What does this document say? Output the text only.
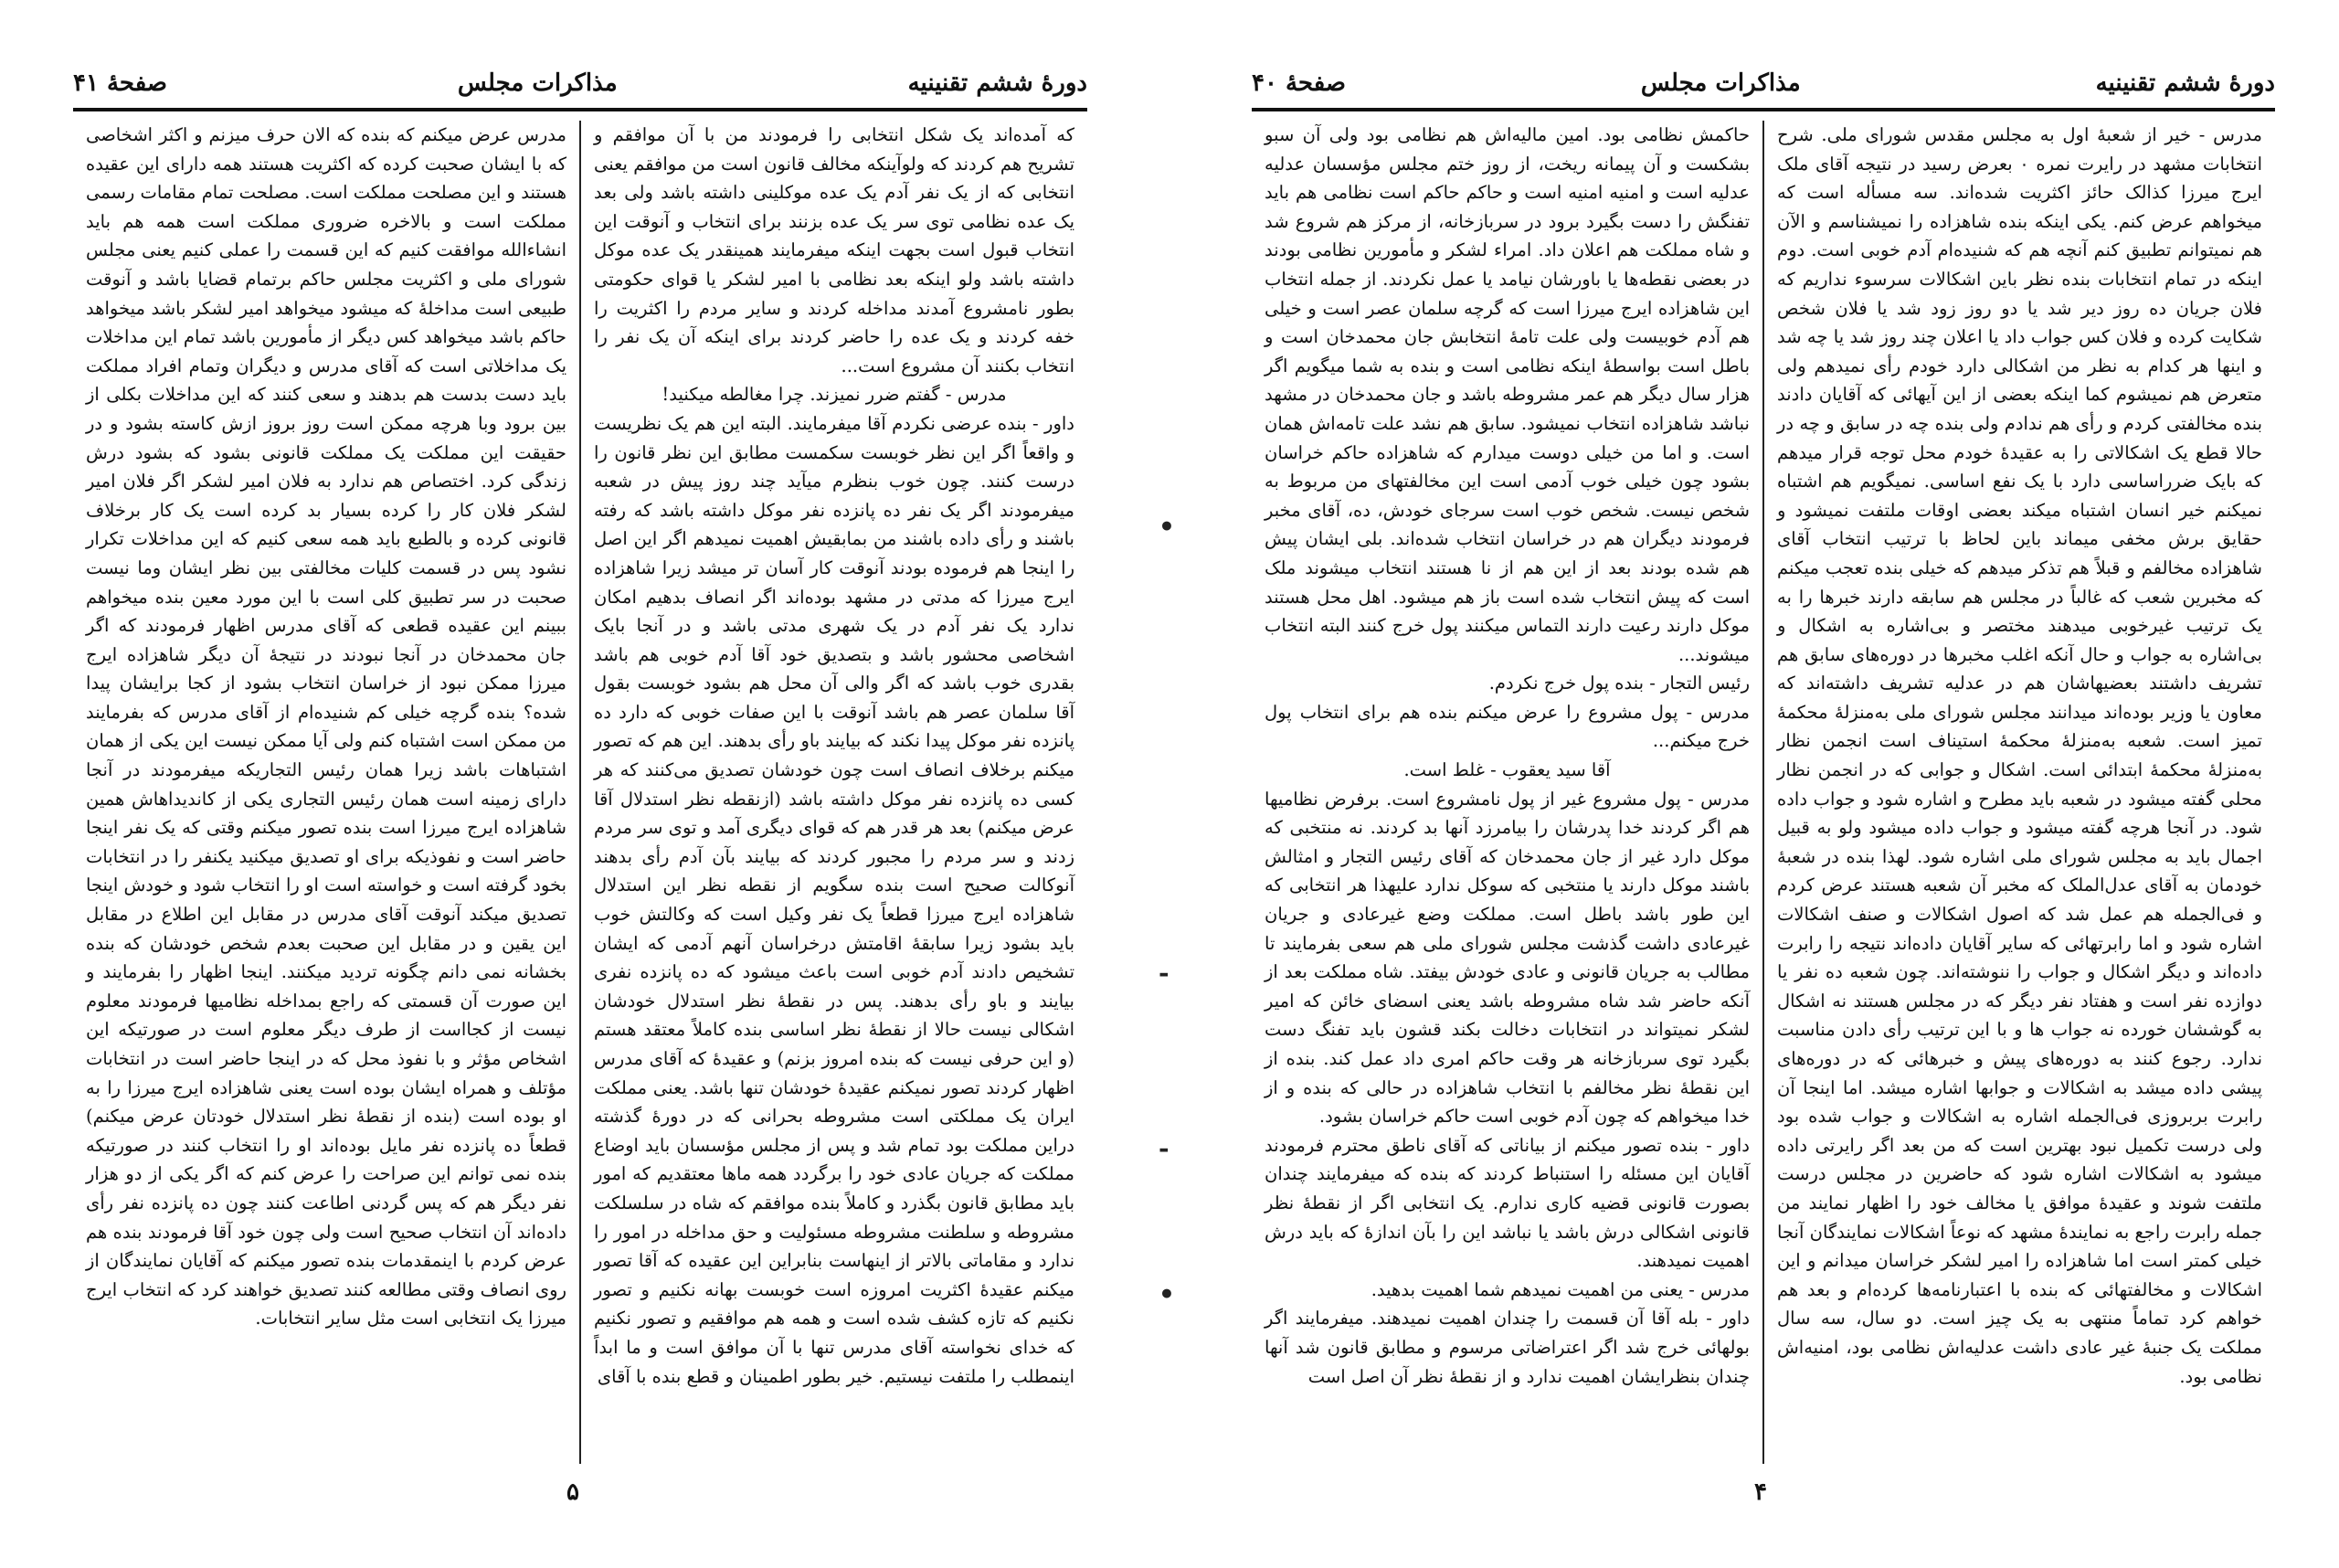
دورهٔ ششم تقنینیه
مذاکرات مجلس
صفحهٔ ۴۱

که آمده‌اند یک شکل انتخابی را فرمودند من با آن موافقم و تشریح هم کردند که ولوآینکه مخالف قانون است من موافقم یعنی انتخابی که از یک نفر آدم یک عده موکلینی داشته باشد ولی بعد یک عده نظامی توی سر یک عده بزنند برای انتخاب و آنوقت این انتخاب قبول است بجهت اینکه میفرمایند همینقدر یک عده موکل داشته باشد ولو اینکه بعد نظامی با امیر لشکر یا قوای حکومتی بطور نامشروع آمدند مداخله کردند و سایر مردم را اکثریت را خفه کردند و یک عده را حاضر کردند برای اینکه آن یک نفر را انتخاب بکنند آن مشروع است...

مدرس - گفتم ضرر نمیزند. چرا مغالطه میکنید!

داور - بنده عرضی نکردم آقا میفرمایند. البته این هم یک نظریست و واقعاً اگر این نظر خوبست سکمست مطابق این نظر قانون را درست کنند. چون خوب بنظرم میآید چند روز پیش در شعبه میفرمودند اگر یک نفر ده پانزده نفر موکل داشته باشد که رفته باشند و رأی داده باشند من بمابقیش اهمیت نمیدهم اگر این اصل را اینجا هم فرموده بودند آنوقت کار آسان تر میشد زیرا شاهزاده ایرج میرزا که مدتی در مشهد بوده‌اند اگر انصاف بدهیم امکان ندارد یک نفر آدم در یک شهری مدتی باشد و در آنجا بایک اشخاصی محشور باشد و بتصدیق خود آقا آدم خوبی هم باشد بقدری خوب باشد که اگر والی آن محل هم بشود خوبست بقول آقا سلمان عصر هم باشد آنوقت با این صفات خوبی که دارد ده پانزده نفر موکل پیدا نکند که بیایند باو رأی بدهند. این هم که تصور میکنم برخلاف انصاف است چون خودشان تصدیق می‌کنند که هر کسی ده پانزده نفر موکل داشته باشد (ازنقطه نظر استدلال آقا عرض میکنم) بعد هر قدر هم که قوای دیگری آمد و توی سر مردم زدند و سر مردم را مجبور کردند که بیایند بآن آدم رأی بدهند آنوکالت صحیح است بنده سگویم از نقطه نظر این استدلال شاهزاده ایرج میرزا قطعاً یک نفر وکیل است که وکالتش خوب باید بشود زیرا سابقهٔ اقامتش درخراسان آنهم آدمی که ایشان تشخیص دادند آدم خوبی است باعث میشود که ده پانزده نفری بیایند و باو رأی بدهند. پس در نقطهٔ نظر استدلال خودشان اشکالی نیست حالا از نقطهٔ نظر اساسی بنده کاملاً معتقد هستم (و این حرفی نیست که بنده امروز بزنم) و عقیدهٔ که آقای مدرس اظهار کردند تصور نمیکنم عقیدهٔ خودشان تنها باشد. یعنی مملکت ایران یک مملکتی است مشروطه بحرانی که در دورهٔ گذشته دراین مملکت بود تمام شد و پس از مجلس مؤسسان باید اوضاع مملکت که جریان عادی خود را برگردد همه ماها معتقدیم که امور باید مطابق قانون بگذرد و کاملاً بنده موافقم که شاه در سلسلکت مشروطه و سلطنت مشروطه مسئولیت و حق مداخله در امور را ندارد و مقاماتی بالاتر از اینهاست بنابراین این عقیده که آقا تصور میکنم عقیدهٔ اکثریت امروزه است خوبست بهانه نکنیم و تصور نکنیم که تازه کشف شده است و همه هم موافقیم و تصور نکنیم که خدای نخواسته آقای مدرس تنها با آن موافق است و ما ابداً اینمطلب را ملتفت نیستیم. خیر بطور اطمینان و قطع بنده با آقای

مدرس عرض میکنم که بنده که الان حرف میزنم و اکثر اشخاصی که با ایشان صحبت کرده که اکثریت هستند همه دارای این عقیده هستند و این مصلحت مملکت است. مصلحت تمام مقامات رسمی مملکت است و بالاخره ضروری مملکت است همه هم باید انشاءالله موافقت کنیم که این قسمت را عملی کنیم یعنی مجلس شورای ملی و اکثریت مجلس حاکم برتمام قضایا باشد و آنوقت طبیعی است مداخلهٔ که میشود میخواهد امیر لشکر باشد میخواهد حاکم باشد میخواهد کس دیگر از مأمورین باشد تمام این مداخلات یک مداخلاتی است که آقای مدرس و دیگران وتمام افراد مملکت باید دست بدست هم بدهند و سعی کنند که این مداخلات بکلی از بین برود وبا هرچه ممکن است روز بروز ازش کاسته بشود و در حقیقت این مملکت یک مملکت قانونی بشود که بشود درش زندگی کرد. اختصاص هم ندارد به فلان امیر لشکر اگر فلان امیر لشکر فلان کار را کرده بسیار بد کرده است یک کار برخلاف قانونی کرده و بالطبع باید همه سعی کنیم که این مداخلات تکرار نشود پس در قسمت کلیات مخالفتی بین نظر ایشان وما نیست صحبت در سر تطبیق کلی است با این مورد معین بنده میخواهم ببینم این عقیده قطعی که آقای مدرس اظهار فرمودند که اگر جان محمدخان در آنجا نبودند در نتیجهٔ آن دیگر شاهزاده ایرج میرزا ممکن نبود از خراسان انتخاب بشود از کجا برایشان پیدا شده؟ بنده گرچه خیلی کم شنیده‌ام از آقای مدرس که بفرمایند من ممکن است اشتباه کنم ولی آیا ممکن نیست این یکی از همان اشتباهات باشد زیرا همان رئیس التجاریکه میفرمودند در آنجا دارای زمینه است همان رئیس التجاری یکی از کاندیداهاش همین شاهزاده ایرج میرزا است بنده تصور میکنم وقتی که یک نفر اینجا حاضر است و نفوذیکه برای او تصدیق میکنید یکنفر را در انتخابات بخود گرفته است و خواسته است او را انتخاب شود و خودش اینجا تصدیق میکند آنوقت آقای مدرس در مقابل این اطلاع در مقابل این یقین و در مقابل این صحبت بعدم شخص خودشان که بنده بخشانه نمی دانم چگونه تردید میکنند. اینجا اظهار را بفرمایند و این صورت آن قسمتی که راجع بمداخله نظامیها فرمودند معلوم نیست از کجااست از طرف دیگر معلوم است در صورتیکه این اشخاص مؤثر و با نفوذ محل که در اینجا حاضر است در انتخابات مؤتلف و همراه ایشان بوده است یعنی شاهزاده ایرج میرزا را به او بوده است (بنده از نقطهٔ نظر استدلال خودتان عرض میکنم) قطعاً ده پانزده نفر مایل بوده‌اند او را انتخاب کنند در صورتیکه بنده نمی توانم این صراحت را عرض کنم که اگر یکی از دو هزار نفر دیگر هم که پس گردنی اطاعت کنند چون ده پانزده نفر رأی داده‌اند آن انتخاب صحیح است ولی چون خود آقا فرمودند بنده هم عرض کردم با اینمقدمات بنده تصور میکنم که آقایان نمایندگان از روی انصاف وقتی مطالعه کنند تصدیق خواهند کرد که انتخاب ایرج میرزا یک انتخابی است مثل سایر انتخابات.

۵
•
-
-
•
دورهٔ ششم تقنینیه
مذاکرات مجلس
صفحهٔ ۴۰

مدرس - خیر از شعبهٔ اول به مجلس مقدس شورای ملی. شرح انتخابات مشهد در رایرت نمره ۰ بعرض رسید در نتیجه آقای ملک ایرج میرزا کذالک حائز اکثریت شده‌اند. سه مسأله است که میخواهم عرض کنم. یکی اینکه بنده شاهزاده را نمیشناسم و الآن هم نمیتوانم تطبیق کنم آنچه هم که شنیده‌ام آدم خوبی است. دوم اینکه در تمام انتخابات بنده نظر باین اشکالات سرسوء نداریم که فلان جریان ده روز دیر شد یا دو روز زود شد یا فلان شخص شکایت کرده و فلان کس جواب داد یا اعلان چند روز شد یا چه شد و اینها هر کدام به نظر من اشکالی دارد خودم رأی نمیدهم ولی متعرض هم نمیشوم کما اینکه بعضی از این آیهائی که آقایان دادند بنده مخالفتی کردم و رأی هم ندادم ولی بنده چه در سابق و چه در حالا قطع یک اشکالاتی را به عقیدهٔ خودم محل توجه قرار میدهم که بایک ضرراساسی دارد با یک نفع اساسی. نمیگویم هم اشتباه نمیکنم خیر انسان اشتباه میکند بعضی اوقات ملتفت نمیشود و حقایق برش مخفی میماند باین لحاظ با ترتیب انتخاب آقای شاهزاده مخالفم و قبلاً هم تذکر میدهم که خیلی بنده تعجب میکنم که مخبرین شعب که غالباً در مجلس هم سابقه دارند خبرها را به یک ترتیب غیرخوبی میدهند مختصر و بی‌اشاره به اشکال و بی‌اشاره به جواب و حال آنکه اغلب مخبرها در دوره‌های سابق هم تشریف داشتند بعضیهاشان هم در عدلیه تشریف داشته‌اند که معاون یا وزیر بوده‌اند میدانند مجلس شورای ملی به‌منزلهٔ محکمهٔ تمیز است. شعبه به‌منزلهٔ محکمهٔ استیناف است انجمن نظار به‌منزلهٔ محکمهٔ ابتدائی است. اشکال و جوابی که در انجمن نظار محلی گفته میشود در شعبه باید مطرح و اشاره شود و جواب داده شود. در آنجا هرچه گفته میشود و جواب داده میشود ولو به قبیل اجمال باید به مجلس شورای ملی اشاره شود. لهذا بنده در شعبهٔ خودمان به آقای عدل‌الملک که مخبر آن شعبه هستند عرض کردم و فی‌الجمله هم عمل شد که اصول اشکالات و صنف اشکالات اشاره شود و اما رابرتهائی که سایر آقایان داده‌اند نتیجه را رابرت داده‌اند و دیگر اشکال و جواب را ننوشته‌اند. چون شعبه ده نفر یا دوازده نفر است و هفتاد نفر دیگر که در مجلس هستند نه اشکال به گوششان خورده نه جواب ها و با این ترتیب رأی دادن مناسبت ندارد. رجوع کنند به دوره‌های پیش و خبرهائی که در دوره‌های پیشی داده میشد به اشکالات و جوابها اشاره میشد. اما اینجا آن رابرت بربروزی فی‌الجمله اشاره به اشکالات و جواب شده بود ولی درست تکمیل نبود بهترین است که من بعد اگر رایرتی داده میشود به اشکالات اشاره شود که حاضرین در مجلس درست ملتفت شوند و عقیدهٔ موافق یا مخالف خود را اظهار نمایند من جمله رابرت راجع به نمایندهٔ مشهد که نوعاً اشکالات نمایندگان آنجا خیلی کمتر است اما شاهزاده را امیر لشکر خراسان میدانم و این اشکالات و مخالفتهائی که بنده با اعتبارنامه‌ها کرده‌ام و بعد هم خواهم کرد تماماً منتهی به یک چیز است. دو سال، سه سال مملکت یک جنبهٔ غیر عادی داشت عدلیه‌اش نظامی بود، امنیه‌اش نظامی بود.

حاکمش نظامی بود. امین مالیه‌اش هم نظامی بود ولی آن سبو بشکست و آن پیمانه ریخت، از روز ختم مجلس مؤسسان عدلیه عدلیه است و امنیه امنیه است و حاکم حاکم است نظامی هم باید تفنگش را دست بگیرد برود در سربازخانه، از مرکز هم شروع شد و شاه مملکت هم اعلان داد. امراء لشکر و مأمورین نظامی بودند در بعضی نقطه‌ها یا باورشان نیامد یا عمل نکردند. از جمله انتخاب این شاهزاده ایرج میرزا است که گرچه سلمان عصر است و خیلی هم آدم خوبیست ولی علت تامهٔ انتخابش جان محمدخان است و باطل است بواسطهٔ اینکه نظامی است و بنده به شما میگویم اگر هزار سال دیگر هم عمر مشروطه باشد و جان محمدخان در مشهد نباشد شاهزاده انتخاب نمیشود. سابق هم نشد علت تامه‌اش همان است. و اما من خیلی دوست میدارم که شاهزاده حاکم خراسان بشود چون خیلی خوب آدمی است این مخالفتهای من مربوط به شخص نیست. شخص خوب است سرجای خودش، ده، آقای مخبر فرمودند دیگران هم در خراسان انتخاب شده‌اند. بلی ایشان پیش هم شده بودند بعد از این هم از نا هستند انتخاب میشوند ملک است که پیش انتخاب شده است باز هم میشود. اهل محل هستند موکل دارند رعیت دارند التماس میکنند پول خرج کنند البته انتخاب میشوند...

رئیس التجار - بنده پول خرج نکردم.

مدرس - پول مشروع را عرض میکنم بنده هم برای انتخاب پول خرج میکنم...

آقا سید یعقوب - غلط است.

مدرس - پول مشروع غیر از پول نامشروع است. برفرض نظامیها هم اگر کردند خدا پدرشان را بیامرزد آنها بد کردند. نه منتخبی که موکل دارد غیر از جان محمدخان که آقای رئیس التجار و امثالش باشند موکل دارند یا منتخبی که سوکل ندارد علیهذا هر انتخابی که این طور باشد باطل است. مملکت وضع غیرعادی و جریان غیرعادی داشت گذشت مجلس شورای ملی هم سعی بفرمایند تا مطالب به جریان قانونی و عادی خودش بیفتد. شاه مملکت بعد از آنکه حاضر شد شاه مشروطه باشد یعنی اسضای خائن که امیر لشکر نمیتواند در انتخابات دخالت بکند قشون باید تفنگ دست بگیرد توی سربازخانه هر وقت حاکم امری داد عمل کند. بنده از این نقطهٔ نظر مخالفم با انتخاب شاهزاده در حالی که بنده و از خدا میخواهم که چون آدم خوبی است حاکم خراسان بشود.

داور - بنده تصور میکنم از بیاناتی که آقای ناطق محترم فرمودند آقایان این مسئله را استنباط کردند که بنده که میفرمایند چندان بصورت قانونی قضیه کاری ندارم. یک انتخابی اگر از نقطهٔ نظر قانونی اشکالی درش باشد یا نباشد این را بآن اندازهٔ که باید درش اهمیت نمیدهند.

مدرس - یعنی من اهمیت نمیدهم شما اهمیت بدهید.

داور - بله آقا آن قسمت را چندان اهمیت نمیدهند. میفرمایند اگر بولهائی خرج شد اگر اعتراضاتی مرسوم و مطابق قانون شد آنها چندان بنظرایشان اهمیت ندارد و از نقطهٔ نظر آن اصل است

۴
